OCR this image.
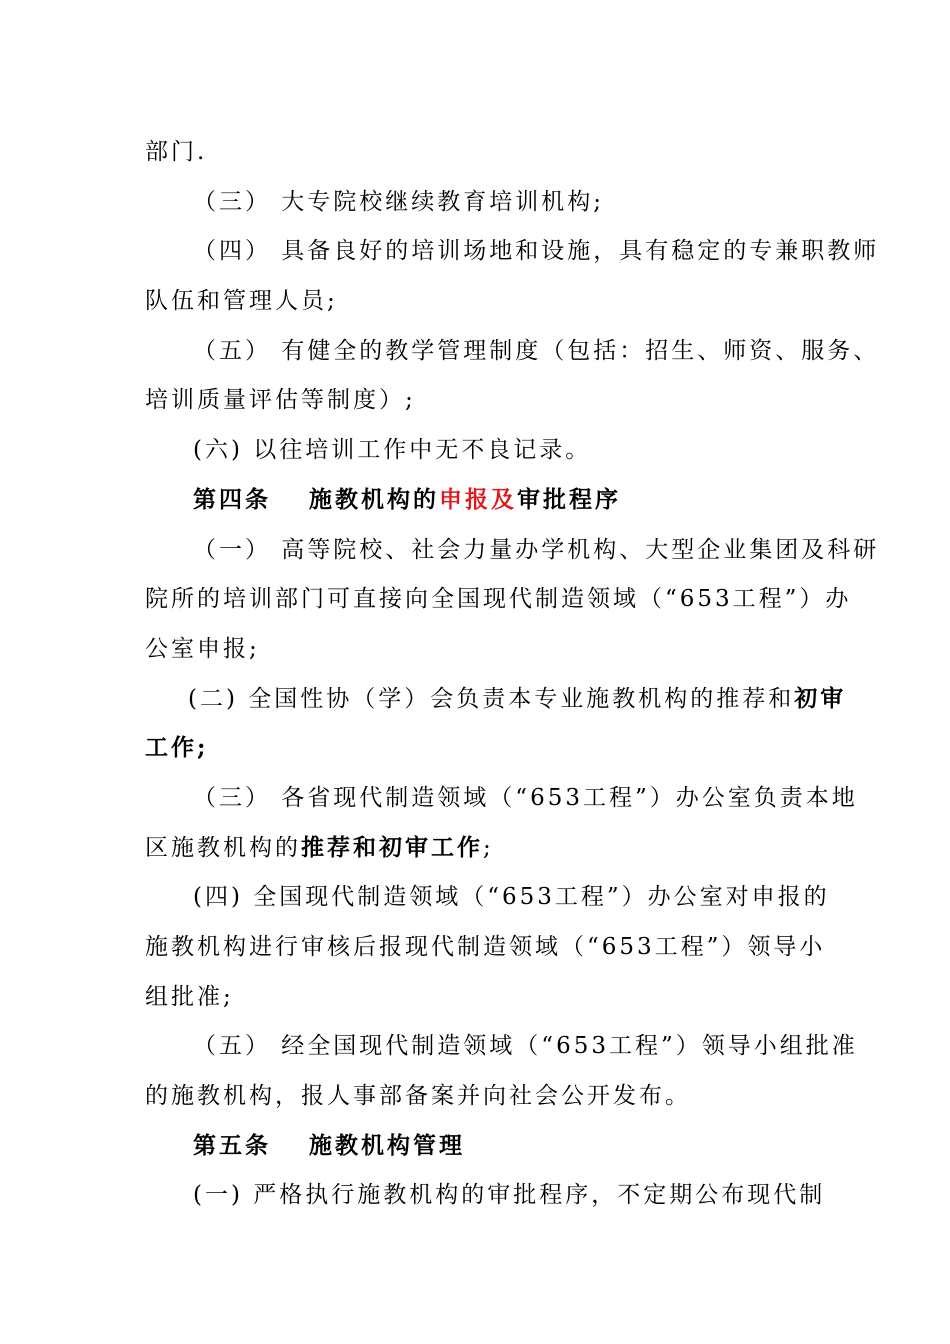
部门.
（三） 大专院校继续教育培训机构;
（四） 具备良好的培训场地和设施，具有稳定的专兼职教师
队伍和管理人员;
（五） 有健全的教学管理制度（包括：招生、师资、服务、
培训质量评估等制度）;
(六) 以往培训工作中无不良记录。
第四条 施教机构的申报及审批程序
（一） 高等院校、社会力量办学机构、大型企业集团及科研
院所的培训部门可直接向全国现代制造领域（“653工程”）办
公室申报;
(二) 全国性协（学）会负责本专业施教机构的推荐和初审
工作;
（三） 各省现代制造领域（“653工程”）办公室负责本地
区施教机构的推荐和初审工作;
(四) 全国现代制造领域（“653工程”）办公室对申报的
施教机构进行审核后报现代制造领域（“653工程”）领导小
组批准;
（五） 经全国现代制造领域（“653工程”）领导小组批准
的施教机构，报人事部备案并向社会公开发布。
第五条 施教机构管理
(一) 严格执行施教机构的审批程序，不定期公布现代制
